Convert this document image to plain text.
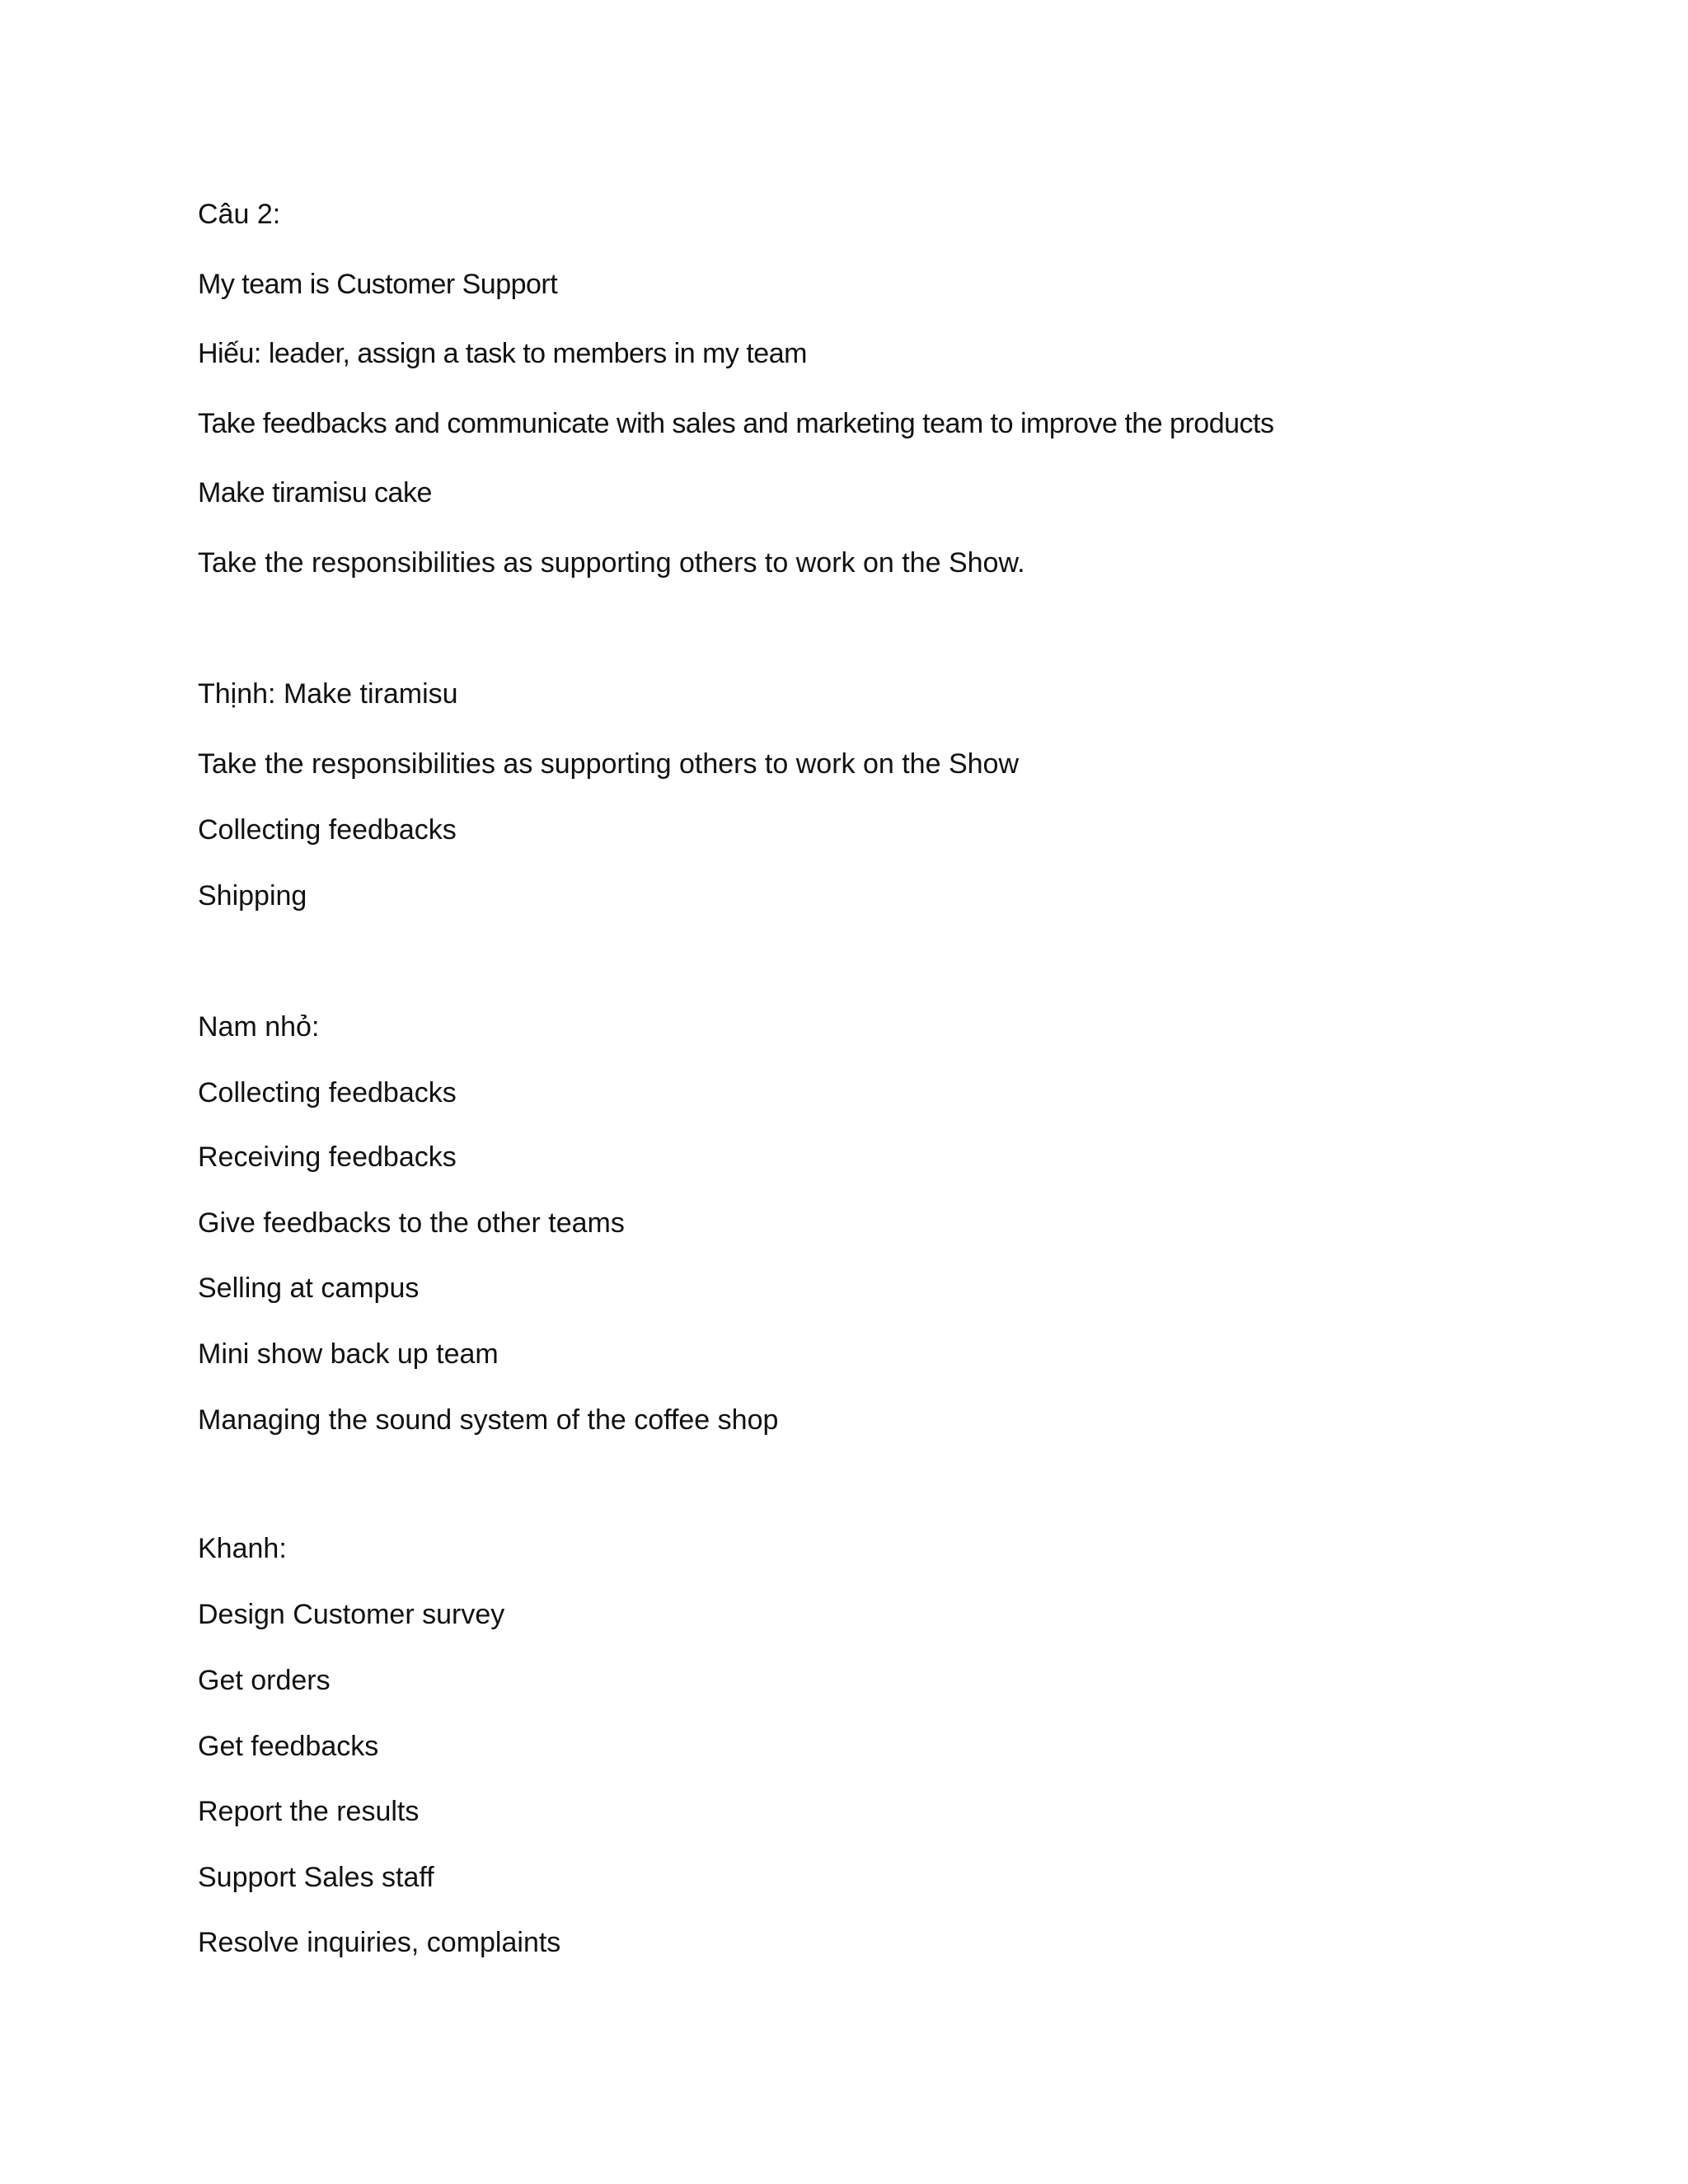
Câu 2:
My team is Customer Support
Hiếu: leader, assign a task to members in my team
Take feedbacks and communicate with sales and marketing team to improve the products
Make tiramisu cake
Take the responsibilities as supporting others to work on the Show.
Thịnh: Make tiramisu
Take the responsibilities as supporting others to work on the Show
Collecting feedbacks
Shipping
Nam nhỏ:
Collecting feedbacks
Receiving feedbacks
Give feedbacks to the other teams
Selling at campus
Mini show back up team
Managing the sound system of the coffee shop
Khanh:
Design Customer survey
Get orders
Get feedbacks
Report the results
Support Sales staff
Resolve inquiries, complaints
